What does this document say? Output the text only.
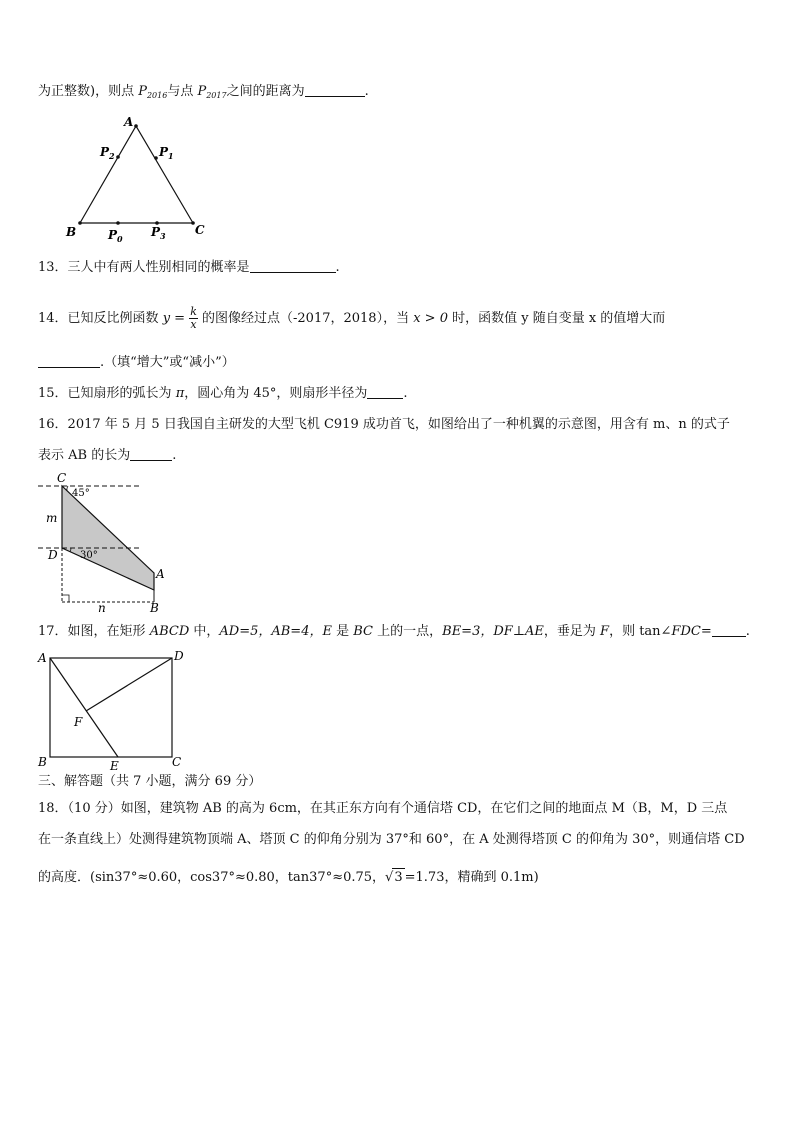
为正整数)，则点 $P_{2016}$与点 $P_{2017}$之间的距离为	.
A
B	C
$P_0$ $P_3$
$P_1$
$P_2$
13．三人中有两人性别相同的概率是	.
14．已知反比例函数 $y = \frac{k}{x}$ 的图像经过点（-2017，2018），当 x > 0 时，函数值 y 随自变量 x 的值增大而
.（填“增大”或“减小”）
15．已知扇形的弧长为 π，圆心角为 45°，则扇形半径为	.
16．2017 年 5 月 5 日我国自主研发的大型飞机 C919 成功首飞，如图给出了一种机翼的示意图，用含有 m、n 的式子
表示 AB 的长为	.
C
D
A
B
m
n
45°
30°
17．如图，在矩形 ABCD 中，AD=5，AB=4，E 是 BC 上的一点，BE=3，DF⊥AE，垂足为 F，则 tan∠FDC=	.
A	D
B	C
E
F
三、解答题（共 7 小题，满分 69 分）
18．（10 分）如图，建筑物 AB 的高为 6cm，在其正东方向有个通信塔 CD，在它们之间的地面点 M（B，M，D 三点
在一条直线上）处测得建筑物顶端 A、塔顶 C 的仰角分别为 37°和 60°，在 A 处测得塔顶 C 的仰角为 30°，则通信塔 CD
的高度．(sin37°≈0.60，cos37°≈0.80，tan37°≈0.75，√3 =1.73，精确到 0.1m)
